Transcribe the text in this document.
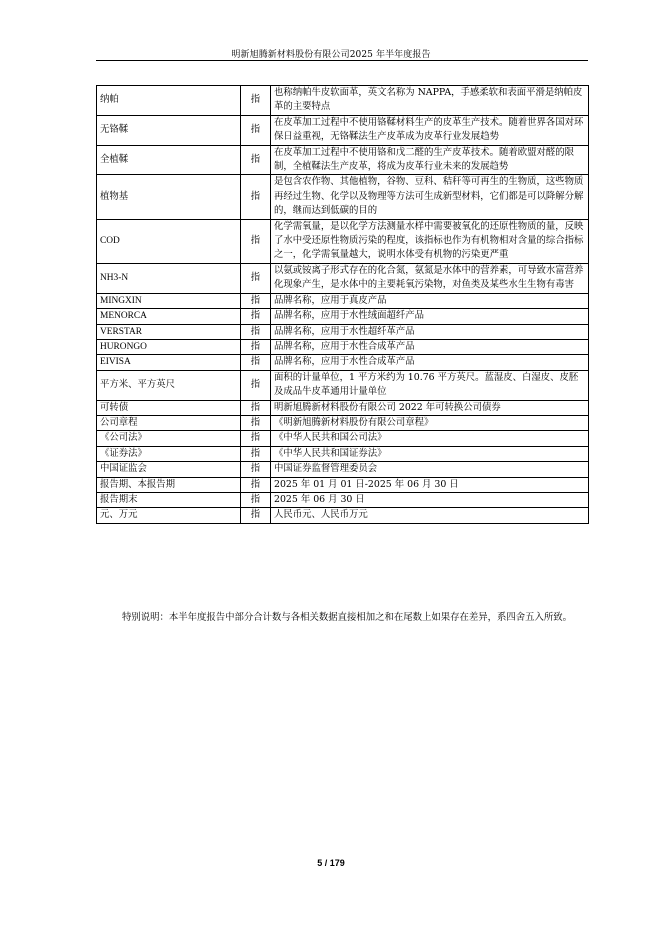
明新旭腾新材料股份有限公司2025 年半年度报告
纳帕	指	也称纳帕牛皮软面革，英文名称为 NAPPA，手感柔软和表面平滑是纳帕皮革的主要特点
无铬鞣	指	在皮革加工过程中不使用铬鞣材料生产的皮革生产技术。随着世界各国对环保日益重视，无铬鞣法生产皮革成为皮革行业发展趋势
全植鞣	指	在皮革加工过程中不使用铬和戊二醛的生产皮革技术。随着欧盟对醛的限制，全植鞣法生产皮革，将成为皮革行业未来的发展趋势
植物基	指	是包含农作物、其他植物，谷物、豆科、秸秆等可再生的生物质，这些物质再经过生物、化学以及物理等方法可生成新型材料，它们都是可以降解分解的，继而达到低碳的目的
COD	指	化学需氧量，是以化学方法测量水样中需要被氧化的还原性物质的量，反映了水中受还原性物质污染的程度，该指标也作为有机物相对含量的综合指标之一，化学需氧量越大，说明水体受有机物的污染更严重
NH3-N	指	以氨或铵离子形式存在的化合氮，氨氮是水体中的营养素，可导致水富营养化现象产生，是水体中的主要耗氧污染物，对鱼类及某些水生生物有毒害
MINGXIN	指	品牌名称，应用于真皮产品
MENORCA	指	品牌名称，应用于水性绒面超纤产品
VERSTAR	指	品牌名称，应用于水性超纤革产品
HURONGO	指	品牌名称，应用于水性合成革产品
EIVISA	指	品牌名称，应用于水性合成革产品
平方米、平方英尺	指	面积的计量单位，1 平方米约为 10.76 平方英尺。蓝湿皮、白湿皮、皮胚及成品牛皮革通用计量单位
可转债	指	明新旭腾新材料股份有限公司 2022 年可转换公司债券
公司章程	指	《明新旭腾新材料股份有限公司章程》
《公司法》	指	《中华人民共和国公司法》
《证券法》	指	《中华人民共和国证券法》
中国证监会	指	中国证券监督管理委员会
报告期、本报告期	指	2025 年 01 月 01 日-2025 年 06 月 30 日
报告期末	指	2025 年 06 月 30 日
元、万元	指	人民币元、人民币万元

特别说明：本半年度报告中部分合计数与各相关数据直接相加之和在尾数上如果存在差异，系四舍五入所致。

5 / 179
